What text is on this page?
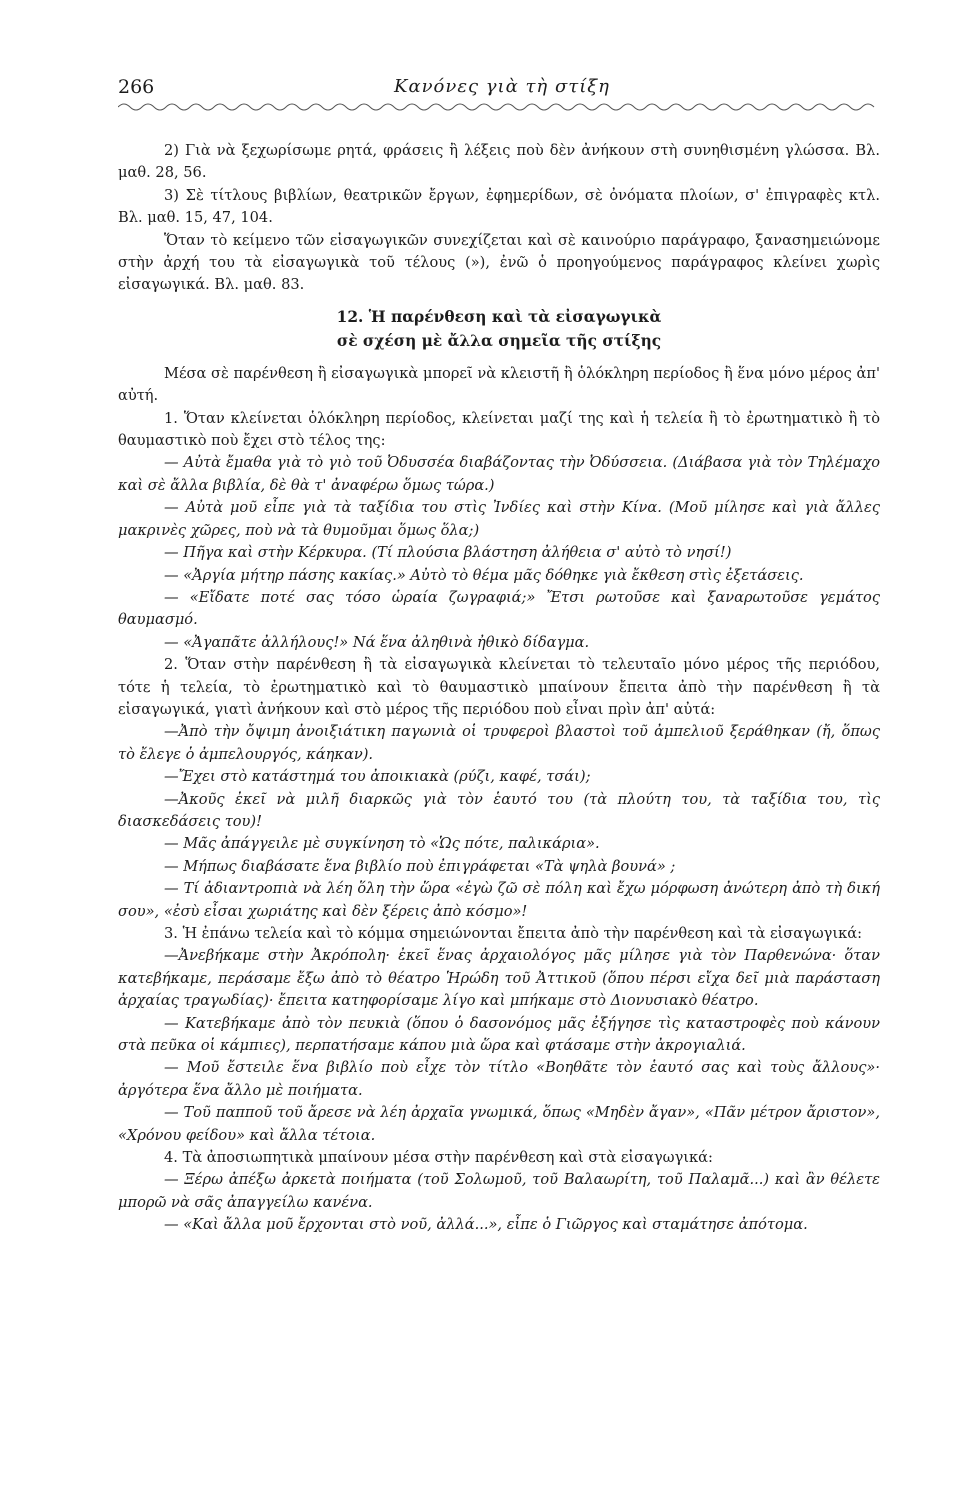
266	Κανόνες γιὰ τὴ στίξη

2) Γιὰ νὰ ξεχωρίσωμε ρητά, φράσεις ἢ λέξεις ποὺ δὲν ἀνήκουν στὴ συνηθισμένη γλώσσα. Βλ. μαθ. 28, 56.

3) Σὲ τίτλους βιβλίων, θεατρικῶν ἔργων, ἐφημερίδων, σὲ ὀνόματα πλοίων, σ' ἐπιγραφὲς κτλ. Βλ. μαθ. 15, 47, 104.

Ὅταν τὸ κείμενο τῶν εἰσαγωγικῶν συνεχίζεται καὶ σὲ καινούριο παράγραφο, ξανασημειώνομε στὴν ἀρχή του τὰ εἰσαγωγικὰ τοῦ τέλους (»), ἐνῶ ὁ προηγούμενος παράγραφος κλείνει χωρὶς εἰσαγωγικά. Βλ. μαθ. 83.

12. Ἡ παρένθεση καὶ τὰ εἰσαγωγικὰ
σὲ σχέση μὲ ἄλλα σημεῖα τῆς στίξης

Μέσα σὲ παρένθεση ἢ εἰσαγωγικὰ μπορεῖ νὰ κλειστῆ ἢ ὁλόκληρη περίοδος ἢ ἕνα μόνο μέρος ἀπ' αὐτή.

1. Ὅταν κλείνεται ὁλόκληρη περίοδος, κλείνεται μαζί της καὶ ἡ τελεία ἢ τὸ ἐρωτηματικὸ ἢ τὸ θαυμαστικὸ ποὺ ἔχει στὸ τέλος της:

— Αὐτὰ ἔμαθα γιὰ τὸ γιὸ τοῦ Ὀδυσσέα διαβάζοντας τὴν Ὀδύσσεια. (Διάβασα γιὰ τὸν Τηλέμαχο καὶ σὲ ἄλλα βιβλία, δὲ θὰ τ' ἀναφέρω ὅμως τώρα.)

— Αὐτὰ μοῦ εἶπε γιὰ τὰ ταξίδια του στὶς Ἰνδίες καὶ στὴν Κίνα. (Μοῦ μίλησε καὶ γιὰ ἄλλες μακρινὲς χῶρες, ποὺ νὰ τὰ θυμοῦμαι ὅμως ὅλα;)

— Πῆγα καὶ στὴν Κέρκυρα. (Τί πλούσια βλάστηση ἀλήθεια σ' αὐτὸ τὸ νησί!)

— «Ἀργία μήτηρ πάσης κακίας.» Αὐτὸ τὸ θέμα μᾶς δόθηκε γιὰ ἔκθεση στὶς ἐξετάσεις.

— «Εἴδατε ποτέ σας τόσο ὡραία ζωγραφιά;» Ἔτσι ρωτοῦσε καὶ ξαναρωτοῦσε γεμάτος θαυμασμό.

— «Ἀγαπᾶτε ἀλλήλους!» Νά ἕνα ἀληθινὰ ἠθικὸ δίδαγμα.

2. Ὅταν στὴν παρένθεση ἢ τὰ εἰσαγωγικὰ κλείνεται τὸ τελευταῖο μόνο μέρος τῆς περιόδου, τότε ἡ τελεία, τὸ ἐρωτηματικὸ καὶ τὸ θαυμαστικὸ μπαίνουν ἔπειτα ἀπὸ τὴν παρένθεση ἢ τὰ εἰσαγωγικά, γιατὶ ἀνήκουν καὶ στὸ μέρος τῆς περιόδου ποὺ εἶναι πρὶν ἀπ' αὐτά:

—Ἀπὸ τὴν ὄψιμη ἀνοιξιάτικη παγωνιὰ οἱ τρυφεροὶ βλαστοὶ τοῦ ἀμπελιοῦ ξεράθηκαν (ἤ, ὅπως τὸ ἔλεγε ὁ ἀμπελουργός, κάηκαν).

—Ἔχει στὸ κατάστημά του ἀποικιακὰ (ρύζι, καφέ, τσάι);

—Ἀκοῦς ἐκεῖ νὰ μιλῆ διαρκῶς γιὰ τὸν ἑαυτό του (τὰ πλούτη του, τὰ ταξίδια του, τὶς διασκεδάσεις του)!

— Μᾶς ἀπάγγειλε μὲ συγκίνηση τὸ «Ὡς πότε, παλικάρια».

— Μήπως διαβάσατε ἕνα βιβλίο ποὺ ἐπιγράφεται «Τὰ ψηλὰ βουνά» ;

— Τί ἀδιαντροπιὰ νὰ λέη ὅλη τὴν ὥρα «ἐγὼ ζῶ σὲ πόλη καὶ ἔχω μόρφωση ἀνώτερη ἀπὸ τὴ δική σου», «ἐσὺ εἶσαι χωριάτης καὶ δὲν ξέρεις ἀπὸ κόσμο»!

3. Ἡ ἐπάνω τελεία καὶ τὸ κόμμα σημειώνονται ἔπειτα ἀπὸ τὴν παρένθεση καὶ τὰ εἰσαγωγικά:

—Ἀνεβήκαμε στὴν Ἀκρόπολη· ἐκεῖ ἕνας ἀρχαιολόγος μᾶς μίλησε γιὰ τὸν Παρθενώνα· ὅταν κατεβήκαμε, περάσαμε ἔξω ἀπὸ τὸ θέατρο Ἡρώδη τοῦ Ἀττικοῦ (ὅπου πέρσι εἴχα δεῖ μιὰ παράσταση ἀρχαίας τραγωδίας)· ἔπειτα κατηφορίσαμε λίγο καὶ μπήκαμε στὸ Διονυσιακὸ θέατρο.

— Κατεβήκαμε ἀπὸ τὸν πευκιὰ (ὅπου ὁ δασονόμος μᾶς ἐξήγησε τὶς καταστροφὲς ποὺ κάνουν στὰ πεῦκα οἱ κάμπιες), περπατήσαμε κάπου μιὰ ὥρα καὶ φτάσαμε στὴν ἀκρογιαλιά.

— Μοῦ ἔστειλε ἕνα βιβλίο ποὺ εἶχε τὸν τίτλο «Βοηθᾶτε τὸν ἑαυτό σας καὶ τοὺς ἄλλους»· ἀργότερα ἕνα ἄλλο μὲ ποιήματα.

— Τοῦ παπποῦ τοῦ ἄρεσε νὰ λέη ἀρχαῖα γνωμικά, ὅπως «Μηδὲν ἄγαν», «Πᾶν μέτρον ἄριστον», «Χρόνου φείδου» καὶ ἄλλα τέτοια.

4. Τὰ ἀποσιωπητικὰ μπαίνουν μέσα στὴν παρένθεση καὶ στὰ εἰσαγωγικά:

— Ξέρω ἀπέξω ἀρκετὰ ποιήματα (τοῦ Σολωμοῦ, τοῦ Βαλαωρίτη, τοῦ Παλαμᾶ...) καὶ ἂν θέλετε μπορῶ νὰ σᾶς ἀπαγγείλω κανένα.

— «Καὶ ἄλλα μοῦ ἔρχονται στὸ νοῦ, ἀλλά...», εἶπε ὁ Γιῶργος καὶ σταμάτησε ἀπότομα.
